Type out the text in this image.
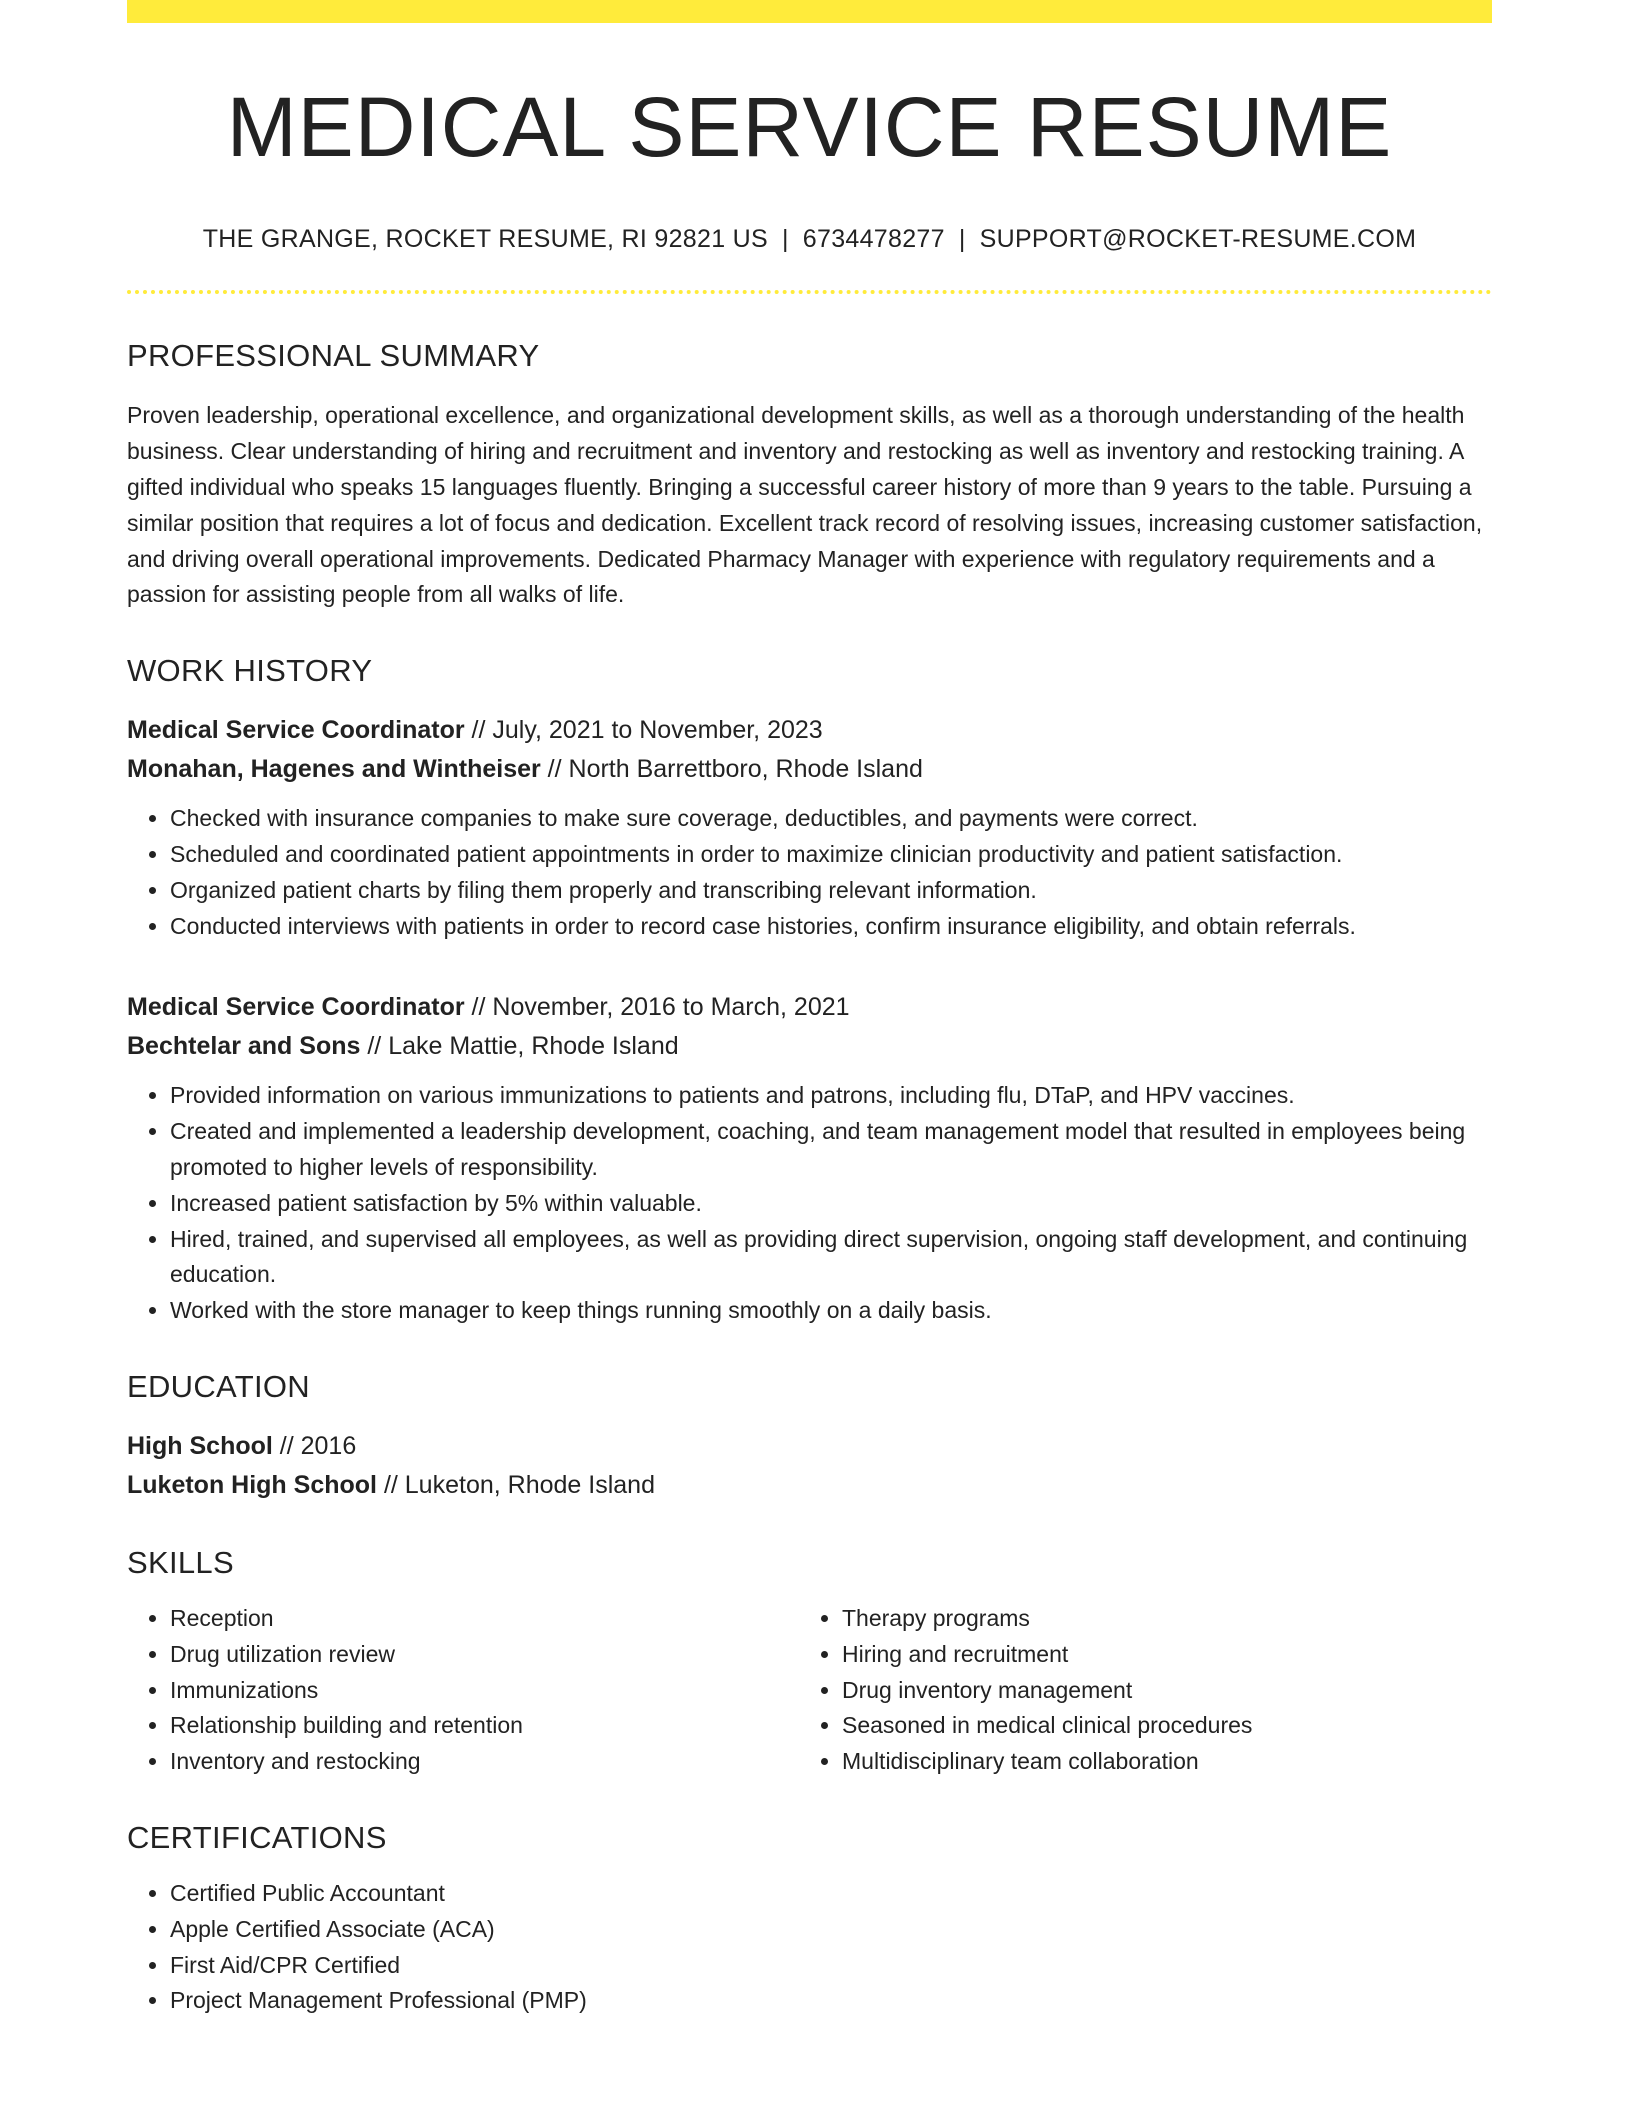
MEDICAL SERVICE RESUME
THE GRANGE, ROCKET RESUME, RI 92821 US | 6734478277 | SUPPORT@ROCKET-RESUME.COM
PROFESSIONAL SUMMARY

Proven leadership, operational excellence, and organizational development skills, as well as a thorough understanding of the health business. Clear understanding of hiring and recruitment and inventory and restocking as well as inventory and restocking training. A gifted individual who speaks 15 languages fluently. Bringing a successful career history of more than 9 years to the table. Pursuing a similar position that requires a lot of focus and dedication. Excellent track record of resolving issues, increasing customer satisfaction, and driving overall operational improvements. Dedicated Pharmacy Manager with experience with regulatory requirements and a passion for assisting people from all walks of life.

WORK HISTORY
Medical Service Coordinator // July, 2021 to November, 2023
Monahan, Hagenes and Wintheiser // North Barrettboro, Rhode Island
• Checked with insurance companies to make sure coverage, deductibles, and payments were correct.
• Scheduled and coordinated patient appointments in order to maximize clinician productivity and patient satisfaction.
• Organized patient charts by filing them properly and transcribing relevant information.
• Conducted interviews with patients in order to record case histories, confirm insurance eligibility, and obtain referrals.
Medical Service Coordinator // November, 2016 to March, 2021
Bechtelar and Sons // Lake Mattie, Rhode Island
• Provided information on various immunizations to patients and patrons, including flu, DTaP, and HPV vaccines.
• Created and implemented a leadership development, coaching, and team management model that resulted in employees being promoted to higher levels of responsibility.
• Increased patient satisfaction by 5% within valuable.
• Hired, trained, and supervised all employees, as well as providing direct supervision, ongoing staff development, and continuing education.
• Worked with the store manager to keep things running smoothly on a daily basis.
EDUCATION
High School // 2016
Luketon High School // Luketon, Rhode Island
SKILLS
• Reception
• Drug utilization review
• Immunizations
• Relationship building and retention
• Inventory and restocking
• Therapy programs
• Hiring and recruitment
• Drug inventory management
• Seasoned in medical clinical procedures
• Multidisciplinary team collaboration
CERTIFICATIONS
• Certified Public Accountant
• Apple Certified Associate (ACA)
• First Aid/CPR Certified
• Project Management Professional (PMP)
